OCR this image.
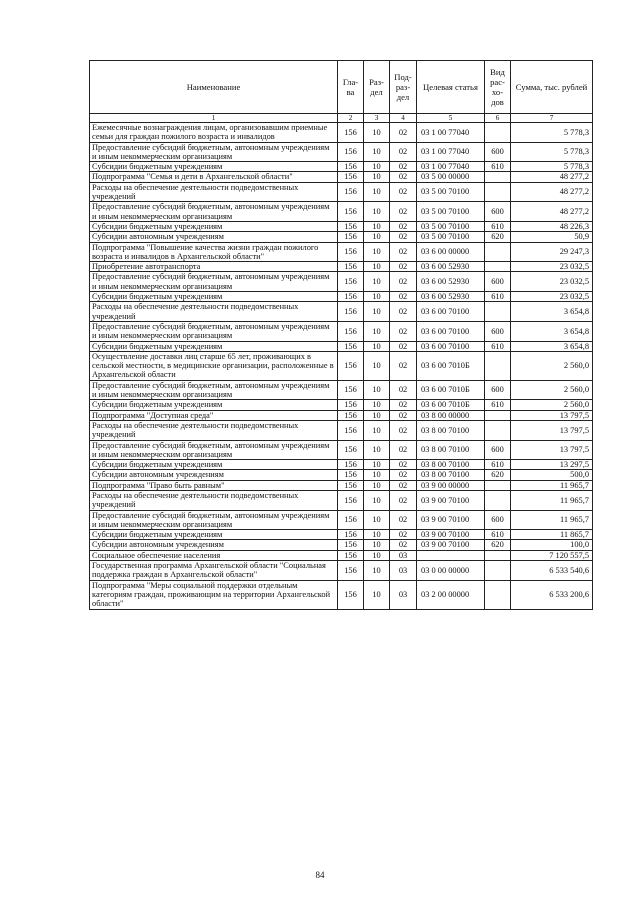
Наименование	Гла-ва	Раз-дел	Под-раз-дел	Целевая статья	Вид рас-хо-дов	Сумма, тыс. рублей
1	2	3	4	5	6	7
Ежемесячные вознаграждения лицам, организовавшим приемные семьи для граждан пожилого возраста и инвалидов	156	10	02	03 1 00 77040		5 778,3
Предоставление субсидий бюджетным, автономным учреждениям и иным некоммерческим организациям	156	10	02	03 1 00 77040	600	5 778,3
Субсидии бюджетным учреждениям	156	10	02	03 1 00 77040	610	5 778,3
Подпрограмма "Семья и дети в Архангельской области"	156	10	02	03 5 00 00000		48 277,2
Расходы на обеспечение деятельности подведомственных учреждений	156	10	02	03 5 00 70100		48 277,2
Предоставление субсидий бюджетным, автономным учреждениям и иным некоммерческим организациям	156	10	02	03 5 00 70100	600	48 277,2
Субсидии бюджетным учреждениям	156	10	02	03 5 00 70100	610	48 226,3
Субсидии автономным учреждениям	156	10	02	03 5 00 70100	620	50,9
Подпрограмма "Повышение качества жизни граждан пожилого возраста и инвалидов в Архангельской области"	156	10	02	03 6 00 00000		29 247,3
Приобретение автотранспорта	156	10	02	03 6 00 52930		23 032,5
Предоставление субсидий бюджетным, автономным учреждениям и иным некоммерческим организациям	156	10	02	03 6 00 52930	600	23 032,5
Субсидии бюджетным учреждениям	156	10	02	03 6 00 52930	610	23 032,5
Расходы на обеспечение деятельности подведомственных учреждений	156	10	02	03 6 00 70100		3 654,8
Предоставление субсидий бюджетным, автономным учреждениям и иным некоммерческим организациям	156	10	02	03 6 00 70100	600	3 654,8
Субсидии бюджетным учреждениям	156	10	02	03 6 00 70100	610	3 654,8
Осуществление доставки лиц старше 65 лет, проживающих в сельской местности, в медицинские организации, расположенные в Архангельской области	156	10	02	03 6 00 7010Б		2 560,0
Предоставление субсидий бюджетным, автономным учреждениям и иным некоммерческим организациям	156	10	02	03 6 00 7010Б	600	2 560,0
Субсидии бюджетным учреждениям	156	10	02	03 6 00 7010Б	610	2 560,0
Подпрограмма "Доступная среда"	156	10	02	03 8 00 00000		13 797,5
Расходы на обеспечение деятельности подведомственных учреждений	156	10	02	03 8 00 70100		13 797,5
Предоставление субсидий бюджетным, автономным учреждениям и иным некоммерческим организациям	156	10	02	03 8 00 70100	600	13 797,5
Субсидии бюджетным учреждениям	156	10	02	03 8 00 70100	610	13 297,5
Субсидии автономным учреждениям	156	10	02	03 8 00 70100	620	500,0
Подпрограмма "Право быть равным"	156	10	02	03 9 00 00000		11 965,7
Расходы на обеспечение деятельности подведомственных учреждений	156	10	02	03 9 00 70100		11 965,7
Предоставление субсидий бюджетным, автономным учреждениям и иным некоммерческим организациям	156	10	02	03 9 00 70100	600	11 965,7
Субсидии бюджетным учреждениям	156	10	02	03 9 00 70100	610	11 865,7
Субсидии автономным учреждениям	156	10	02	03 9 00 70100	620	100,0
Социальное обеспечение населения	156	10	03			7 120 557,5
Государственная программа Архангельской области "Социальная поддержка граждан в Архангельской области"	156	10	03	03 0 00 00000		6 533 540,6
Подпрограмма "Меры социальной поддержки отдельным категориям граждан, проживающим на территории Архангельской области"	156	10	03	03 2 00 00000		6 533 200,6
84
